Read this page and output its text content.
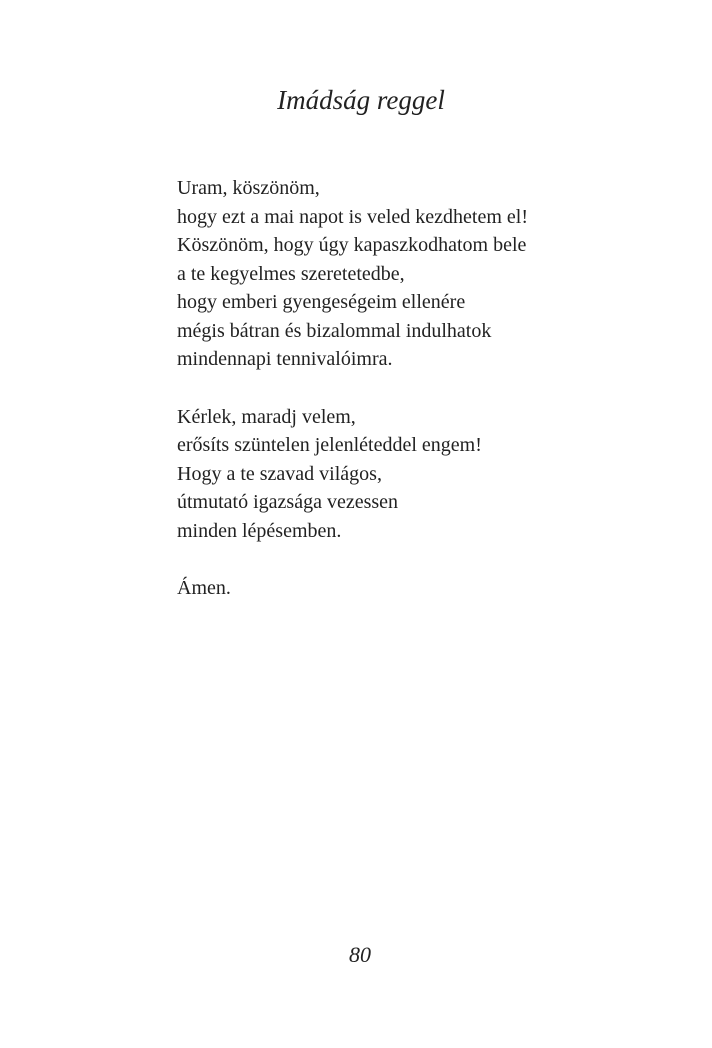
Imádság reggel
Uram, köszönöm,
hogy ezt a mai napot is veled kezdhetem el!
Köszönöm, hogy úgy kapaszkodhatom bele
a te kegyelmes szeretetedbe,
hogy emberi gyengeségeim ellenére
mégis bátran és bizalommal indulhatok
mindennapi tennivalóimra.
Kérlek, maradj velem,
erősíts szüntelen jelenlétеddel engem!
Hogy a te szavad világos,
útmutató igazsága vezessen
minden lépésemben.
Ámen.
80
